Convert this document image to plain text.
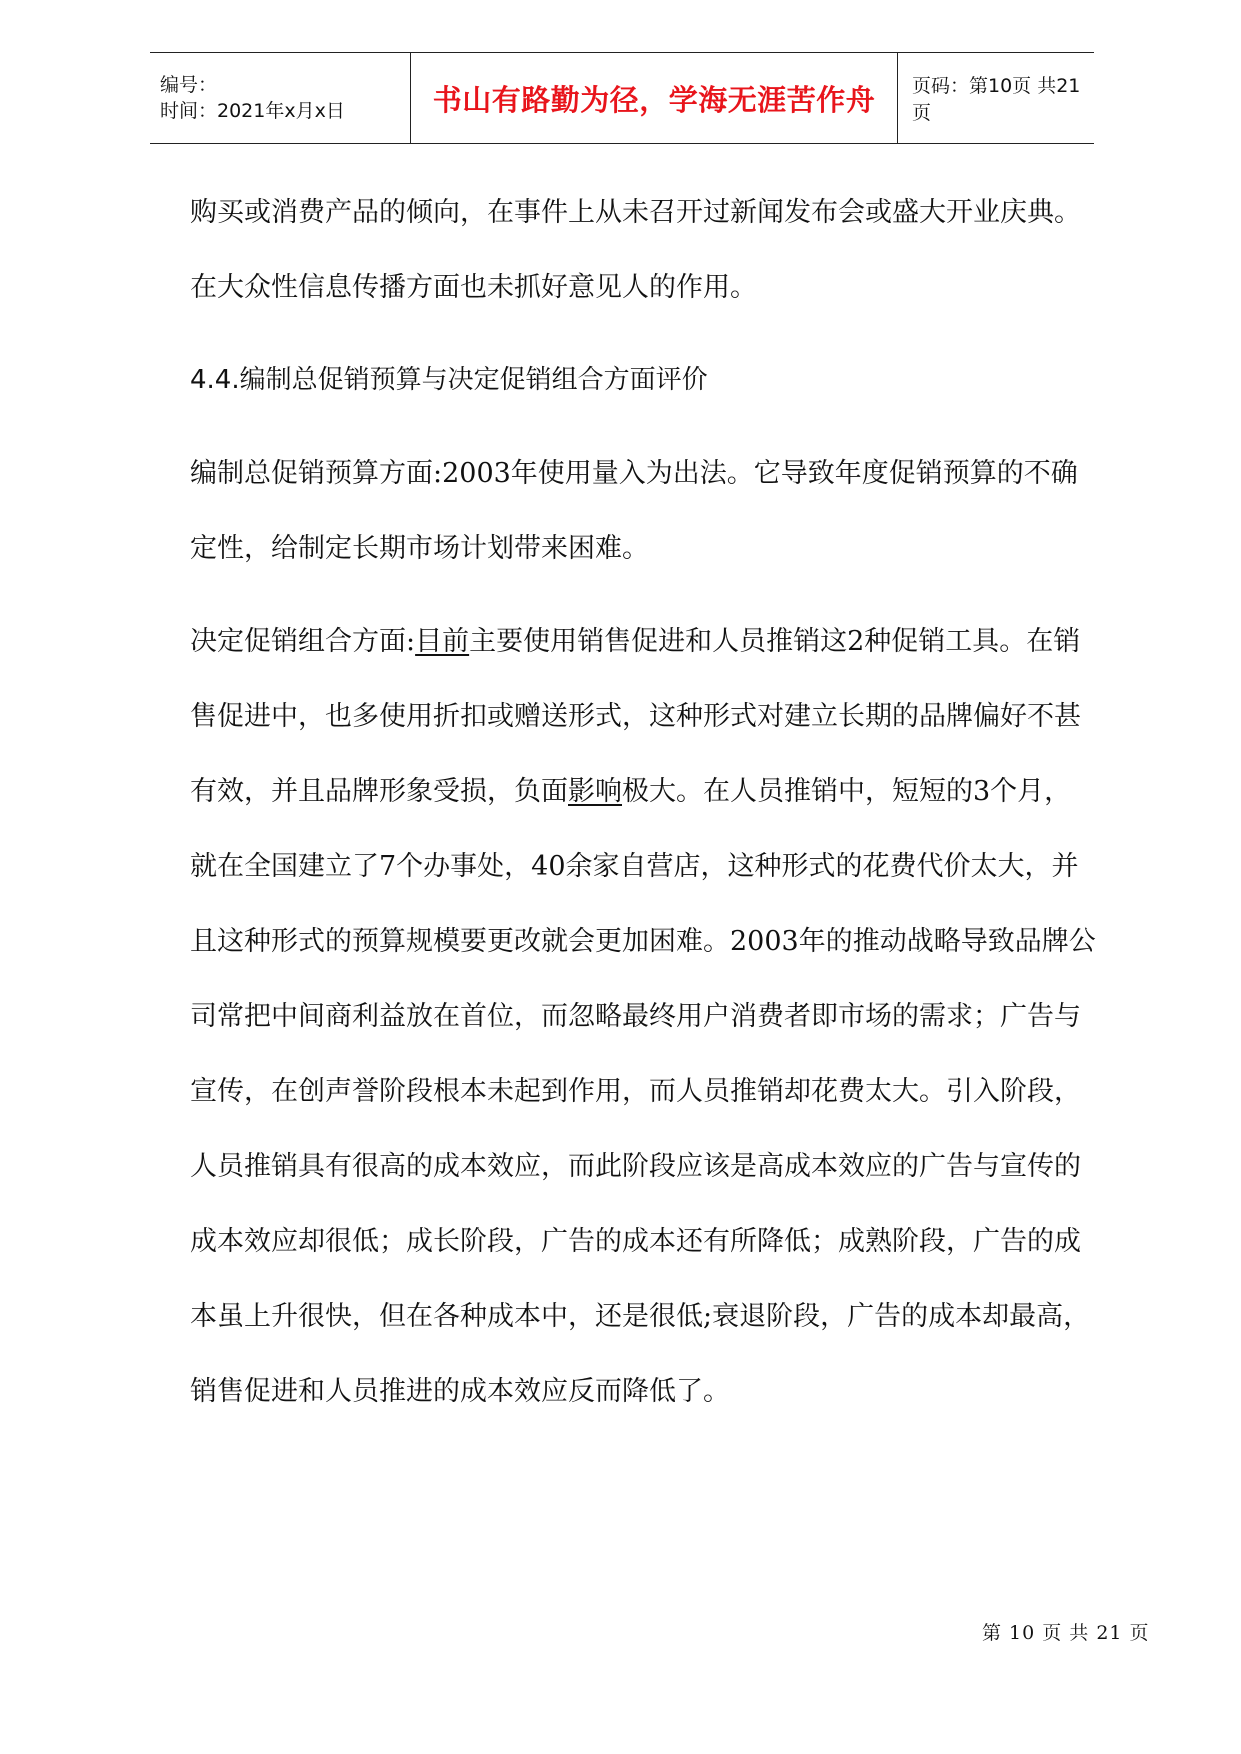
编号：
时间：2021年x月x日	书山有路勤为径，学海无涯苦作舟 页码：第10页 共21页

购买或消费产品的倾向，在事件上从未召开过新闻发布会或盛大开业庆典。

在大众性信息传播方面也未抓好意见人的作用。

4.4.编制总促销预算与决定促销组合方面评价

编制总促销预算方面:2003年使用量入为出法。它导致年度促销预算的不确

定性，给制定长期市场计划带来困难。

决定促销组合方面:目前主要使用销售促进和人员推销这2种促销工具。在销

售促进中，也多使用折扣或赠送形式，这种形式对建立长期的品牌偏好不甚

有效，并且品牌形象受损，负面影响极大。在人员推销中，短短的3个月，

就在全国建立了7个办事处，40余家自营店，这种形式的花费代价太大，并

且这种形式的预算规模要更改就会更加困难。2003年的推动战略导致品牌公

司常把中间商利益放在首位，而忽略最终用户消费者即市场的需求；广告与

宣传，在创声誉阶段根本未起到作用，而人员推销却花费太大。引入阶段，

人员推销具有很高的成本效应，而此阶段应该是高成本效应的广告与宣传的

成本效应却很低；成长阶段，广告的成本还有所降低；成熟阶段，广告的成

本虽上升很快，但在各种成本中，还是很低;衰退阶段，广告的成本却最高，

销售促进和人员推进的成本效应反而降低了。

第 10 页 共 21 页
